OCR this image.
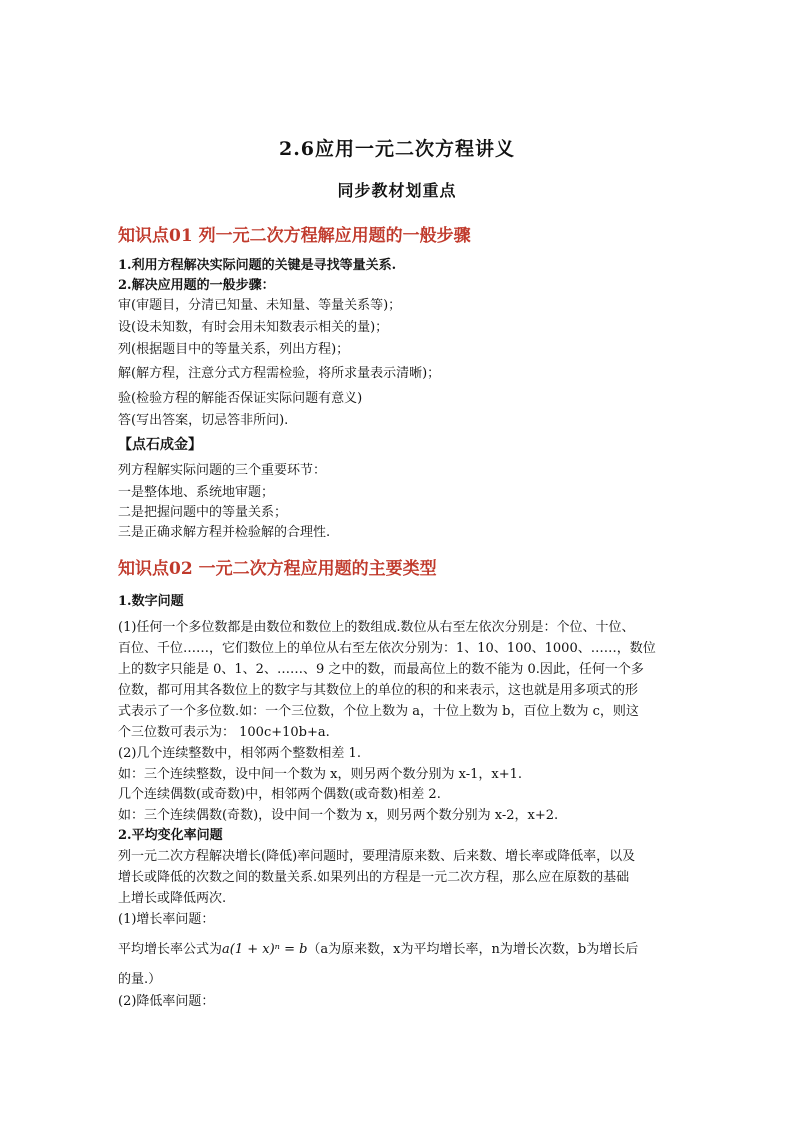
2.6应用一元二次方程讲义
同步教材划重点
知识点01 列一元二次方程解应用题的一般步骤
1.利用方程解决实际问题的关键是寻找等量关系.
2.解决应用题的一般步骤：
审(审题目，分清已知量、未知量、等量关系等)；
设(设未知数，有时会用未知数表示相关的量)；
列(根据题目中的等量关系，列出方程)；
解(解方程，注意分式方程需检验，将所求量表示清晰)；
验(检验方程的解能否保证实际问题有意义)
答(写出答案，切忌答非所问).
【点石成金】
列方程解实际问题的三个重要环节：
一是整体地、系统地审题；
二是把握问题中的等量关系；
三是正确求解方程并检验解的合理性.
知识点02 一元二次方程应用题的主要类型
1.数字问题
(1)任何一个多位数都是由数位和数位上的数组成.数位从右至左依次分别是：个位、十位、
百位、千位……，它们数位上的单位从右至左依次分别为：1、10、100、1000、……，数位
上的数字只能是 0、1、2、……、9 之中的数，而最高位上的数不能为 0.因此，任何一个多
位数，都可用其各数位上的数字与其数位上的单位的积的和来表示，这也就是用多项式的形
式表示了一个多位数.如：一个三位数，个位上数为 a，十位上数为 b，百位上数为 c，则这
个三位数可表示为： 100c+10b+a.
(2)几个连续整数中，相邻两个整数相差 1.
如：三个连续整数，设中间一个数为 x，则另两个数分别为 x-1，x+1.
几个连续偶数(或奇数)中，相邻两个偶数(或奇数)相差 2.
如：三个连续偶数(奇数)，设中间一个数为 x，则另两个数分别为 x-2，x+2.
2.平均变化率问题
列一元二次方程解决增长(降低)率问题时，要理清原来数、后来数、增长率或降低率，以及
增长或降低的次数之间的数量关系.如果列出的方程是一元二次方程，那么应在原数的基础
上增长或降低两次.
(1)增长率问题：
平均增长率公式为a(1 + x)ⁿ = b（a为原来数，x为平均增长率，n为增长次数，b为增长后
的量.）
(2)降低率问题：
